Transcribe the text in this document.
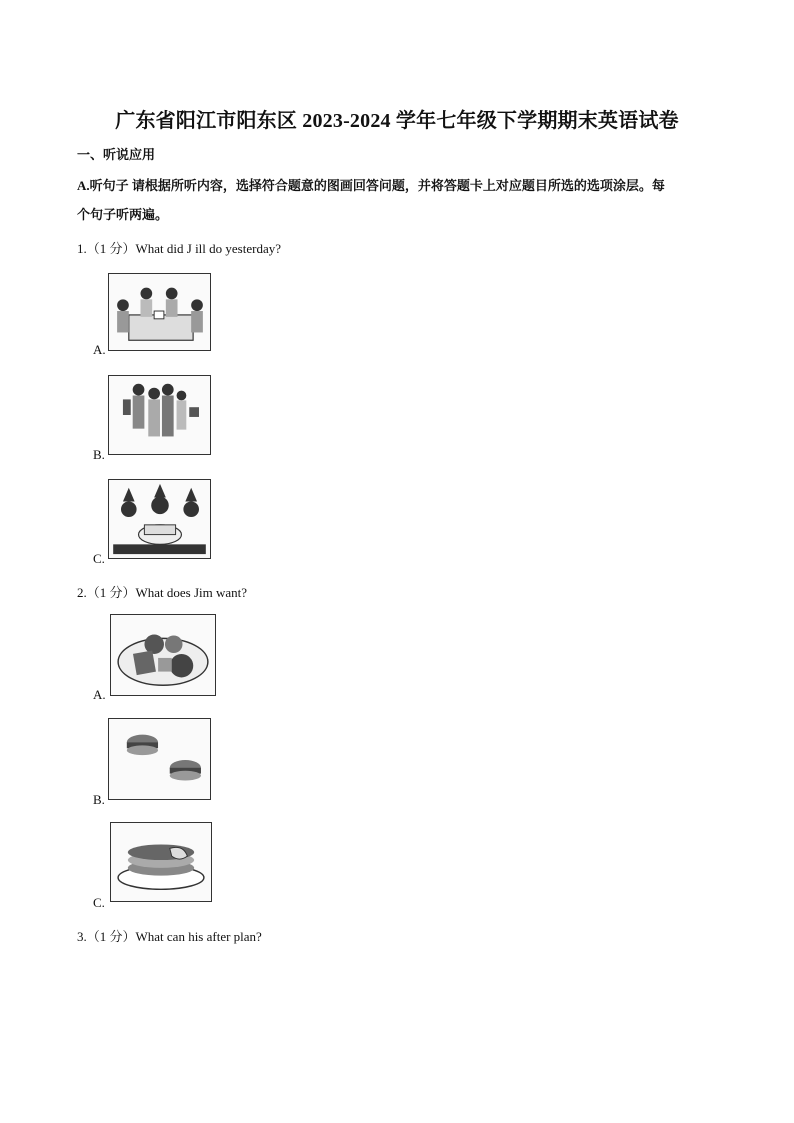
广东省阳江市阳东区 2023-2024 学年七年级下学期期末英语试卷
一、听说应用
A.听句子 请根据所听内容，选择符合题意的图画回答问题，并将答题卡上对应题目所选的选项涂层。每
个句子听两遍。
1.（1 分）What did J ill do yesterday?
A.
B.
C.
2.（1 分）What does Jim want?
A.
B.
C.
3.（1 分）What can his after plan?
